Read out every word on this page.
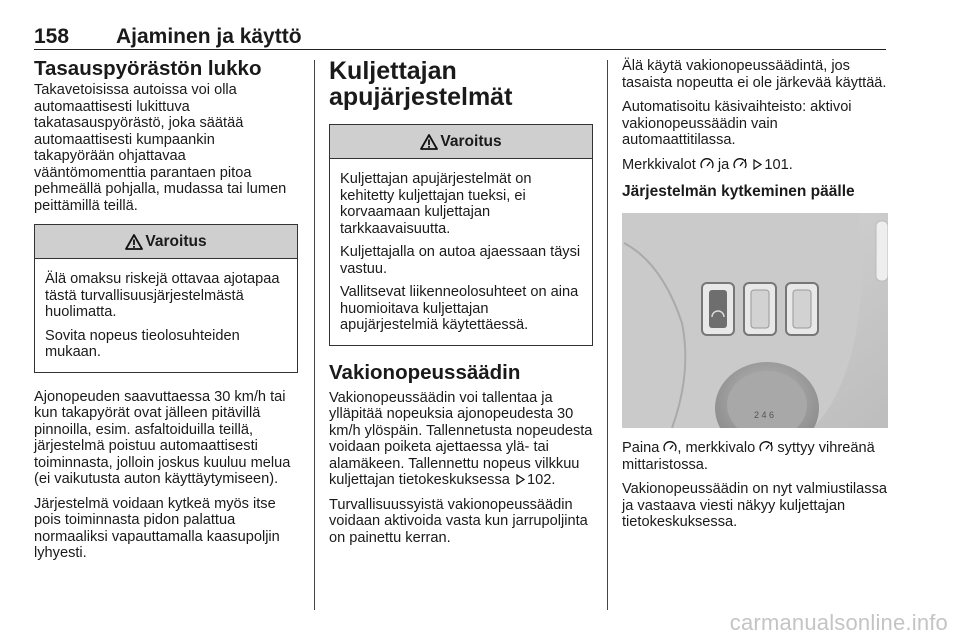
158 Ajaminen ja käyttö
Tasauspyörästön lukko

Takavetoisissa autoissa voi olla automaattisesti lukittuva takatasauspyörästö, joka säätää automaattisesti kumpaankin takapyörään ohjattavaa vääntömomenttia parantaen pitoa pehmeällä pohjalla, mudassa tai lumen peittämillä teillä.

Varoitus

Älä omaksu riskejä ottavaa ajotapaa tästä turvallisuusjärjestelmästä huolimatta.

Sovita nopeus tieolosuhteiden mukaan.

Ajonopeuden saavuttaessa 30 km/h tai kun takapyörät ovat jälleen pitävillä pinnoilla, esim. asfaltoiduilla teillä, järjestelmä poistuu automaattisesti toiminnasta, jolloin joskus kuuluu melua (ei vaikutusta auton käyttäytymiseen).

Järjestelmä voidaan kytkeä myös itse pois toiminnasta pidon palattua normaaliksi vapauttamalla kaasupoljin lyhyesti.

Kuljettajan apujärjestelmät
Varoitus

Kuljettajan apujärjestelmät on kehitetty kuljettajan tueksi, ei korvaamaan kuljettajan tarkkaavaisuutta.

Kuljettajalla on autoa ajaessaan täysi vastuu.

Vallitsevat liikenneolosuhteet on aina huomioitava kuljettajan apujärjestelmiä käytettäessä.

Vakionopeussäädin

Vakionopeussäädin voi tallentaa ja ylläpitää nopeuksia ajonopeudesta 30 km/h ylöspäin. Tallennetusta nopeudesta voidaan poiketa ajettaessa ylä- tai alamäkeen. Tallennettu nopeus vilkkuu kuljettajan tietokeskuksessa 102.

Turvallisuussyistä vakionopeussäädin voidaan aktivoida vasta kun jarrupoljinta on painettu kerran.

Älä käytä vakionopeussäädintä, jos tasaista nopeutta ei ole järkevää käyttää.

Automatisoitu käsivaihteisto: aktivoi vakionopeussäädin vain automaattitilassa.

Merkkivalot ja 101.

Järjestelmän kytkeminen päälle
2 4 6

Paina , merkkivalo syttyy vihreänä mittaristossa.

Vakionopeussäädin on nyt valmiustilassa ja vastaava viesti näkyy kuljettajan tietokeskuksessa.

carmanualsonline.info
